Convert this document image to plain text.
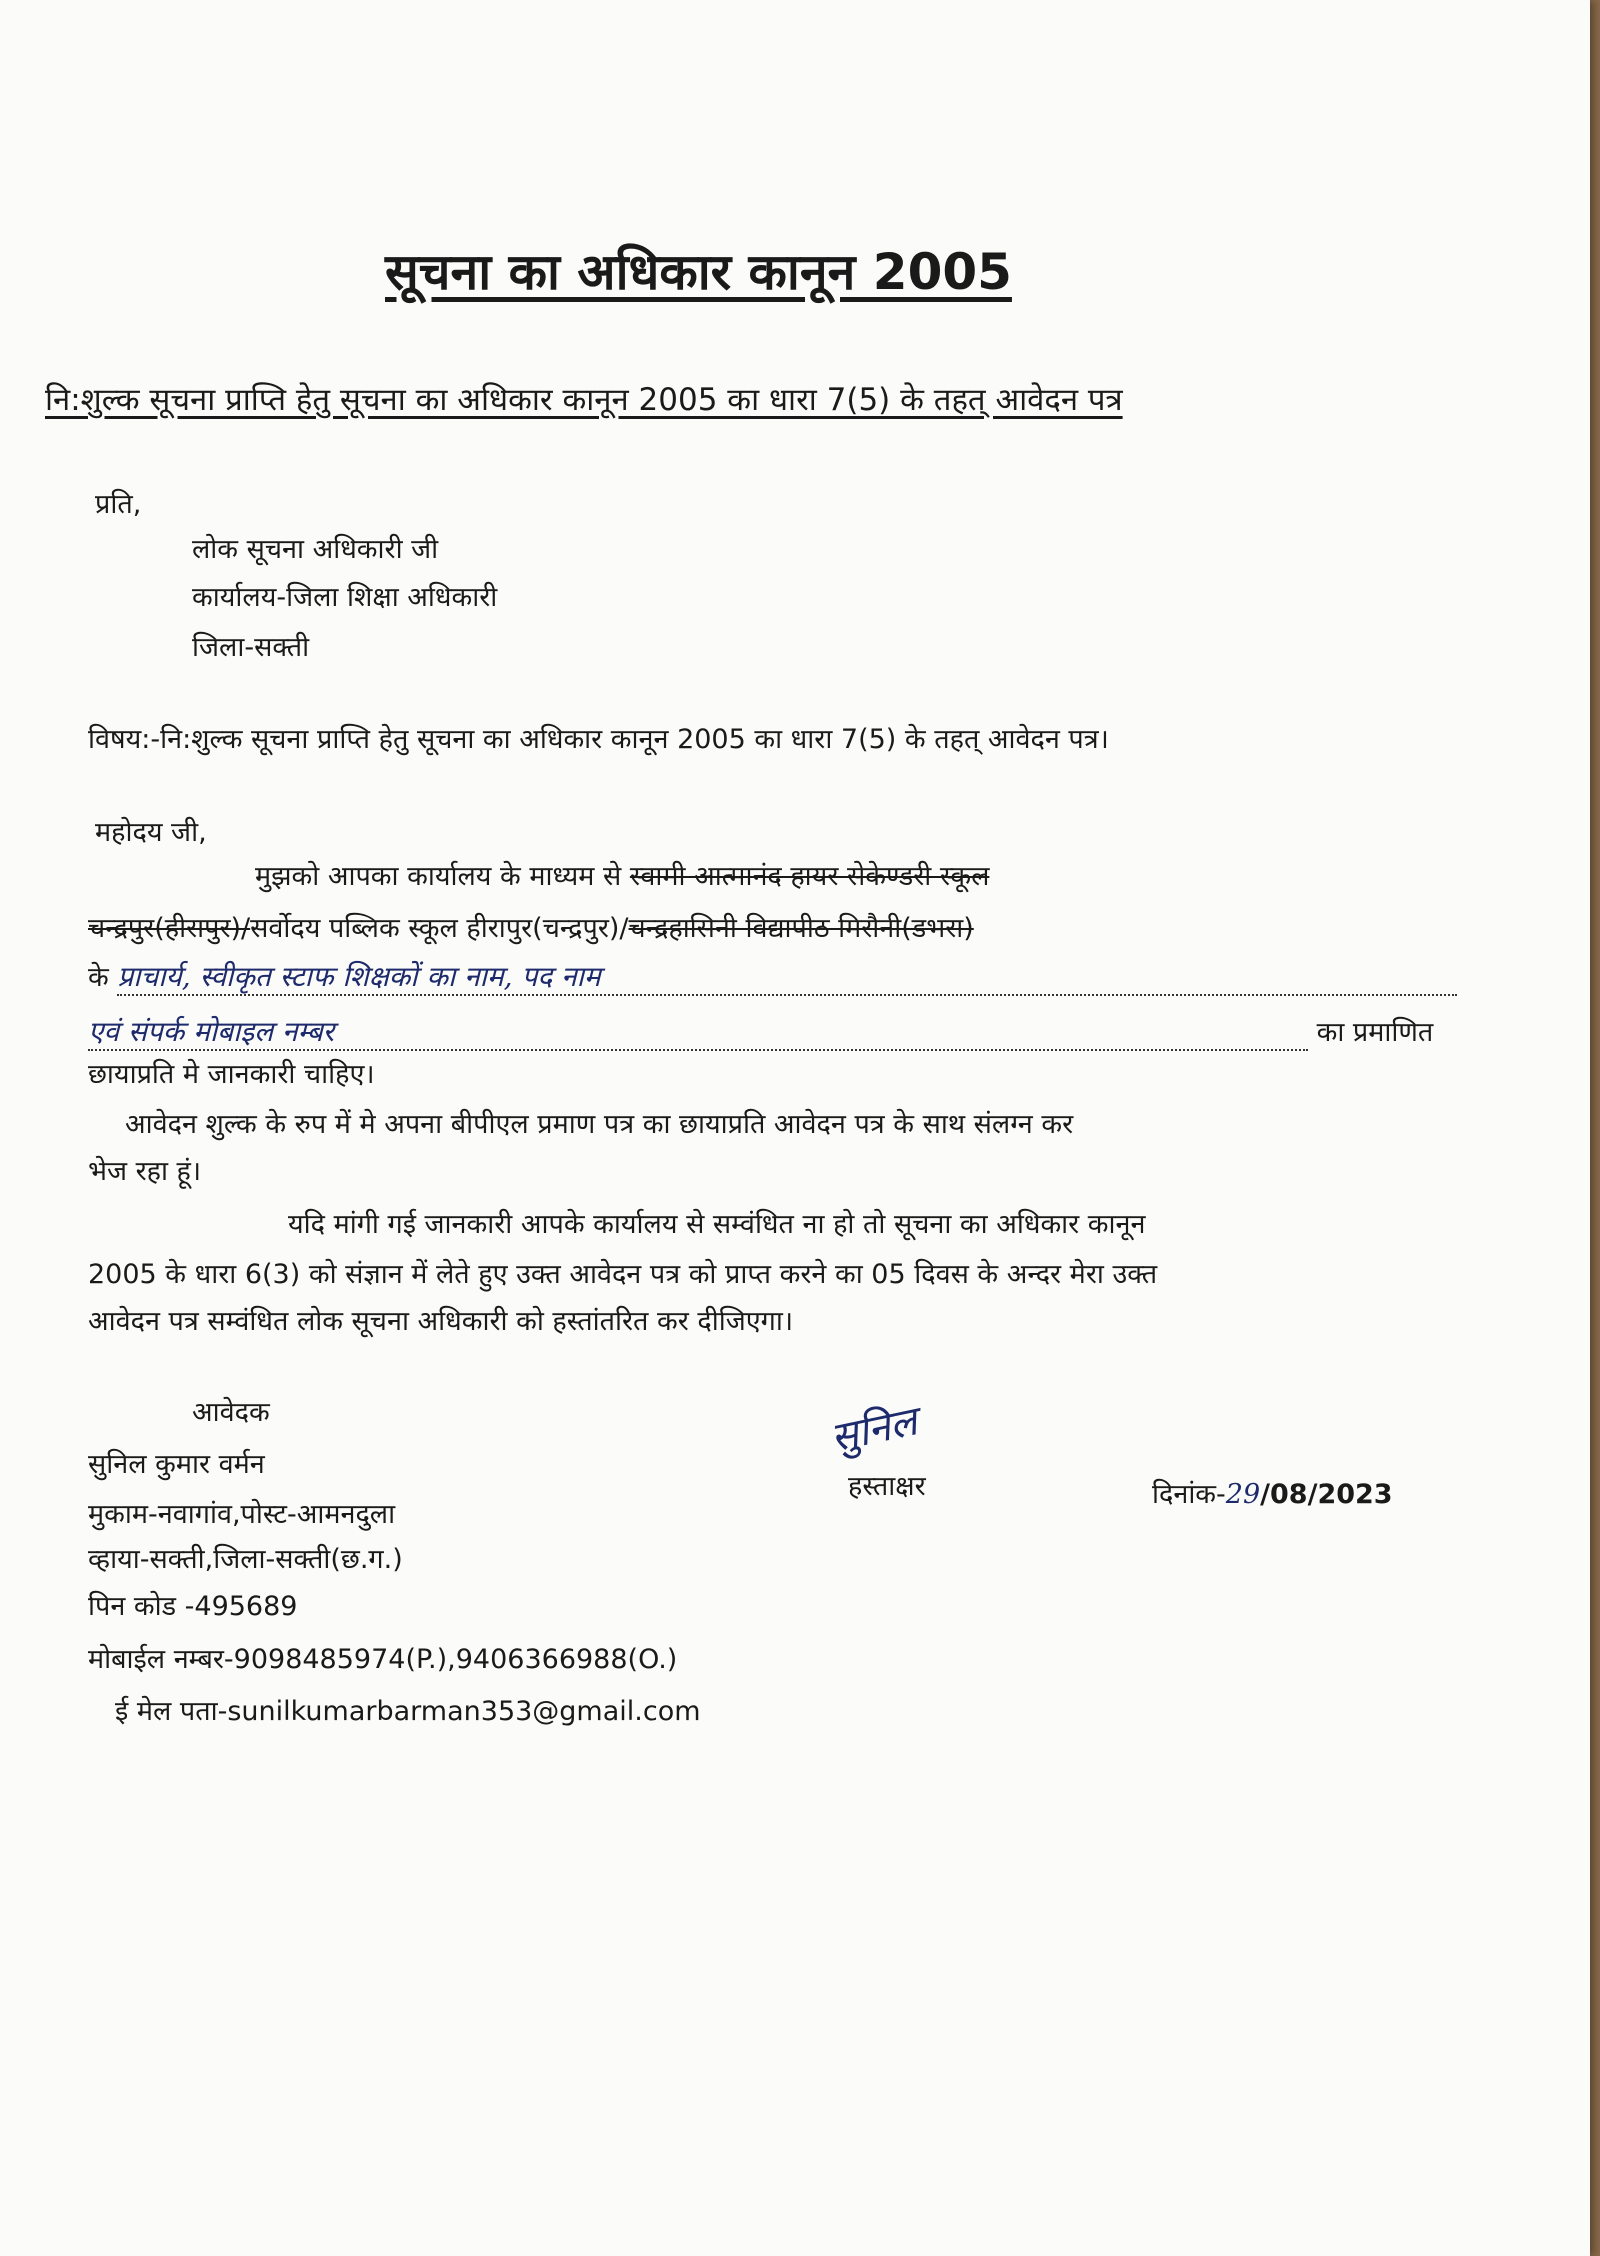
सूचना का अधिकार कानून 2005
नि:शुल्क सूचना प्राप्ति हेतु सूचना का अधिकार कानून 2005 का धारा 7(5) के तहत् आवेदन पत्र
प्रति,
लोक सूचना अधिकारी जी
कार्यालय-जिला शिक्षा अधिकारी
जिला-सक्ती
विषय:-नि:शुल्क सूचना प्राप्ति हेतु सूचना का अधिकार कानून 2005 का धारा 7(5) के तहत् आवेदन पत्र।
महोदय जी,
मुझको आपका कार्यालय के माध्यम से स्वामी आत्मानंद हायर सेकेण्डरी स्कूल
चन्द्रपुर(हीरापुर)/सर्वोदय पब्लिक स्कूल हीरापुर(चन्द्रपुर)/चन्द्रहासिनी विद्यापीठ मिरौनी(डभरा)
के प्राचार्य, स्वीकृत स्टाफ शिक्षकों का नाम, पद नाम
एवं संपर्क मोबाइल नम्बर	का प्रमाणित
छायाप्रति मे जानकारी चाहिए।
आवेदन शुल्क के रुप में मे अपना बीपीएल प्रमाण पत्र का छायाप्रति आवेदन पत्र के साथ संलग्न कर
भेज रहा हूं।
यदि मांगी गई जानकारी आपके कार्यालय से सम्वंधित ना हो तो सूचना का अधिकार कानून
2005 के धारा 6(3) को संज्ञान में लेते हुए उक्त आवेदन पत्र को प्राप्त करने का 05 दिवस के अन्दर मेरा उक्त
आवेदन पत्र सम्वंधित लोक सूचना अधिकारी को हस्तांतरित कर दीजिएगा।
आवेदक
सुनिल कुमार वर्मन
मुकाम-नवागांव,पोस्ट-आमनदुला
व्हाया-सक्ती,जिला-सक्ती(छ.ग.)
पिन कोड -495689
मोबाईल नम्बर-9098485974(P.),9406366988(O.)
ई मेल पता-sunilkumarbarman353@gmail.com
सुनिल
हस्ताक्षर	दिनांक-29/08/2023
